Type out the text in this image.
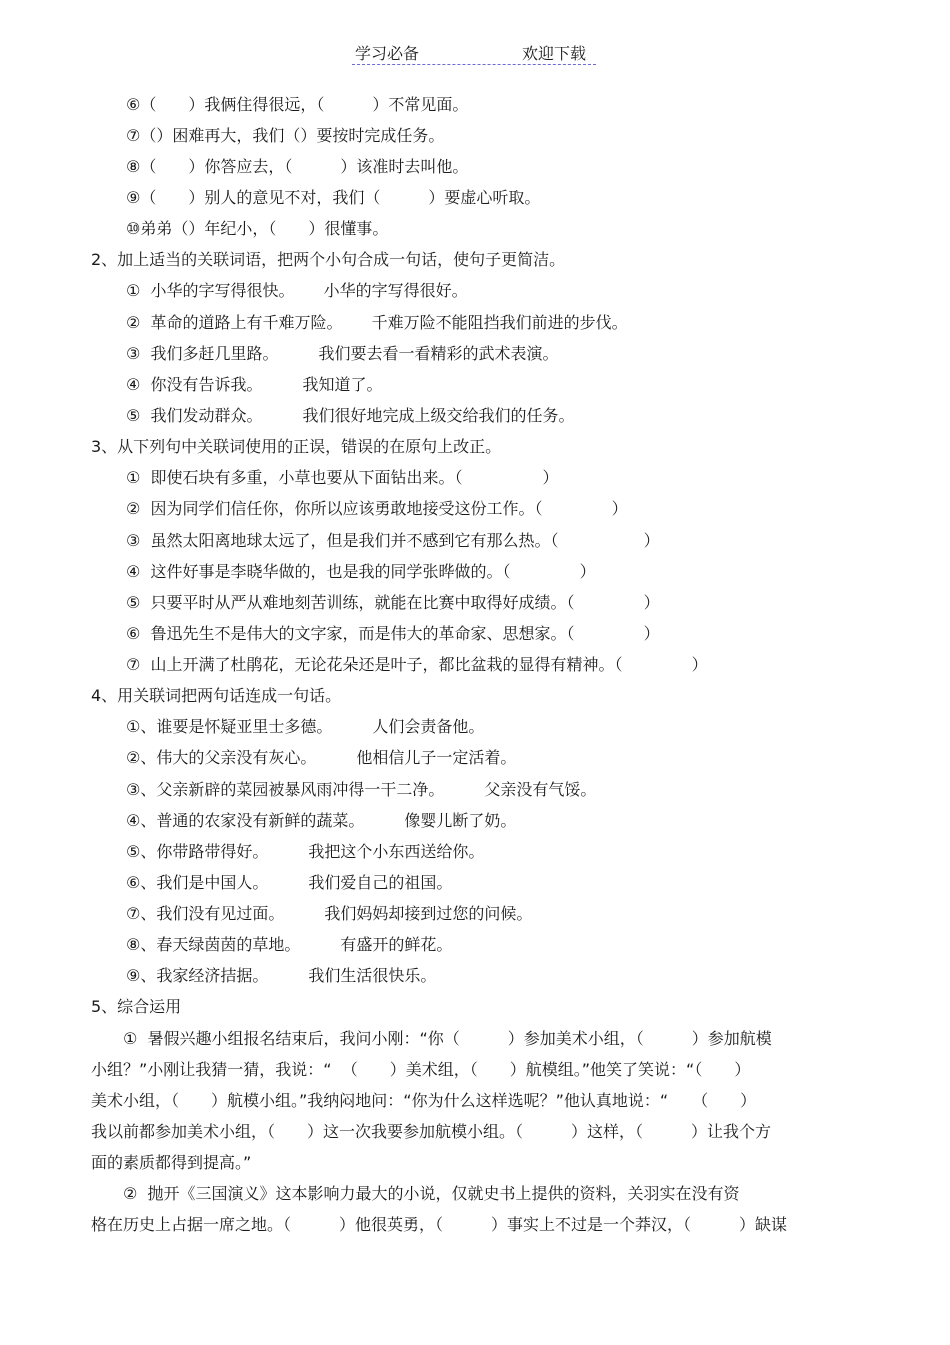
学习必备	欢迎下载
⑥（　　）我俩住得很远，（　　　）不常见面。
⑦（）困难再大，我们（）要按时完成任务。
⑧（　　）你答应去，（　　　）该准时去叫他。
⑨（　　）别人的意见不对，我们（　　　）要虚心听取。
⑩弟弟（）年纪小，（　　）很懂事。
2、加上适当的关联词语，把两个小句合成一句话，使句子更简洁。
①  小华的字写得很快。　　 小华的字写得很好。
②  革命的道路上有千难万险。　　 千难万险不能阻挡我们前进的步伐。
③  我们多赶几里路。　　　我们要去看一看精彩的武术表演。
④  你没有告诉我。　　　我知道了。
⑤  我们发动群众。　　　我们很好地完成上级交给我们的任务。
3、从下列句中关联词使用的正误，错误的在原句上改正。
①  即使石块有多重，小草也要从下面钻出来。（　　　　　）
②  因为同学们信任你，你所以应该勇敢地接受这份工作。（　　　　 ）
③  虽然太阳离地球太远了，但是我们并不感到它有那么热。（　　　　　 ）
④  这件好事是李晓华做的，也是我的同学张晔做的。（　　　　 ）
⑤  只要平时从严从难地刻苦训练，就能在比赛中取得好成绩。（　　　　 ）
⑥  鲁迅先生不是伟大的文字家，而是伟大的革命家、思想家。（　　　　 ）
⑦  山上开满了杜鹃花，无论花朵还是叶子，都比盆栽的显得有精神。（　　　　 ）
4、用关联词把两句话连成一句话。
①、谁要是怀疑亚里士多德。　　　人们会责备他。
②、伟大的父亲没有灰心。　　　他相信儿子一定活着。
③、父亲新辟的菜园被暴风雨冲得一干二净。　　　父亲没有气馁。
④、普通的农家没有新鲜的蔬菜。　　　像婴儿断了奶。
⑤、你带路带得好。　　　我把这个小东西送给你。
⑥、我们是中国人。　　　我们爱自己的祖国。
⑦、我们没有见过面。　　　我们妈妈却接到过您的问候。
⑧、春天绿茵茵的草地。　　　有盛开的鲜花。
⑨、我家经济拮据。　　　我们生活很快乐。
5、综合运用
　　①  暑假兴趣小组报名结束后，我问小刚：“你（　　　）参加美术小组，（　　　）参加航模
小组？”小刚让我猜一猜，我说：“  （　　）美术组，（　　）航模组。”他笑了笑说：“（　　）
美术小组，（　　）航模小组。”我纳闷地问：“你为什么这样选呢？”他认真地说：“　　（　　）
我以前都参加美术小组，（　　）这一次我要参加航模小组。（　　　）这样，（　　　）让我个方
面的素质都得到提高。”
　　②  抛开《三国演义》这本影响力最大的小说，仅就史书上提供的资料，关羽实在没有资
格在历史上占据一席之地。（　　　）他很英勇，（　　　）事实上不过是一个莽汉，（　　　）缺谋
